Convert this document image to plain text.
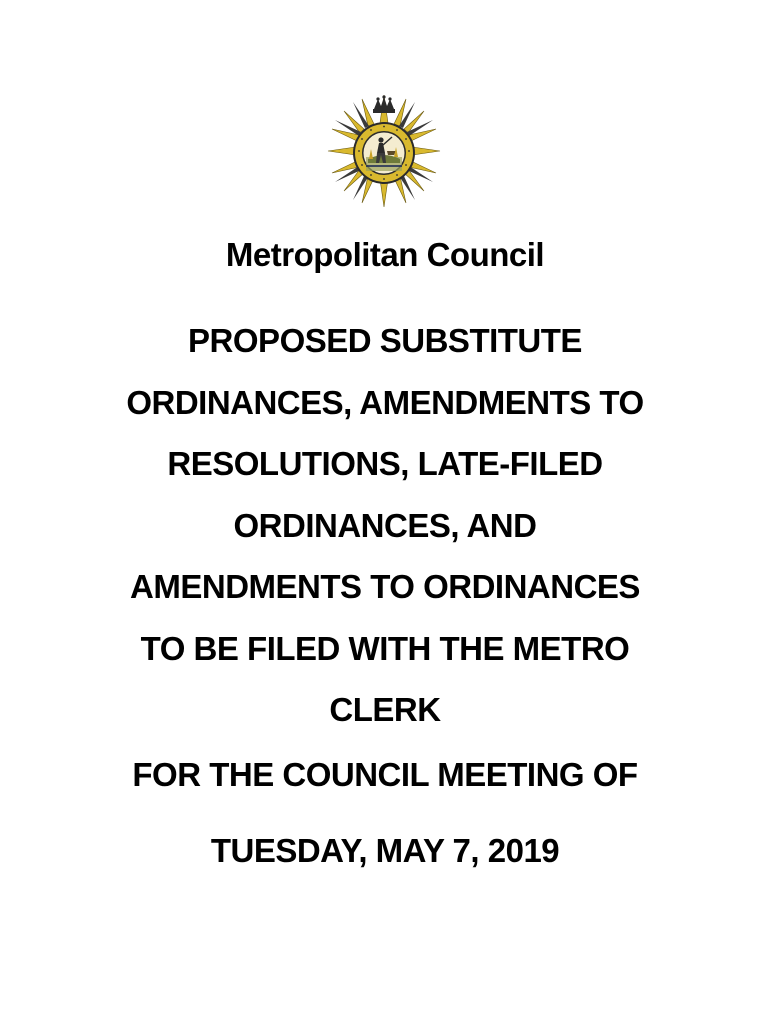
Metropolitan Council
PROPOSED SUBSTITUTE
ORDINANCES, AMENDMENTS TO
RESOLUTIONS, LATE-FILED
ORDINANCES, AND
AMENDMENTS TO ORDINANCES
TO BE FILED WITH THE METRO
CLERK
FOR THE COUNCIL MEETING OF
TUESDAY, MAY 7, 2019
